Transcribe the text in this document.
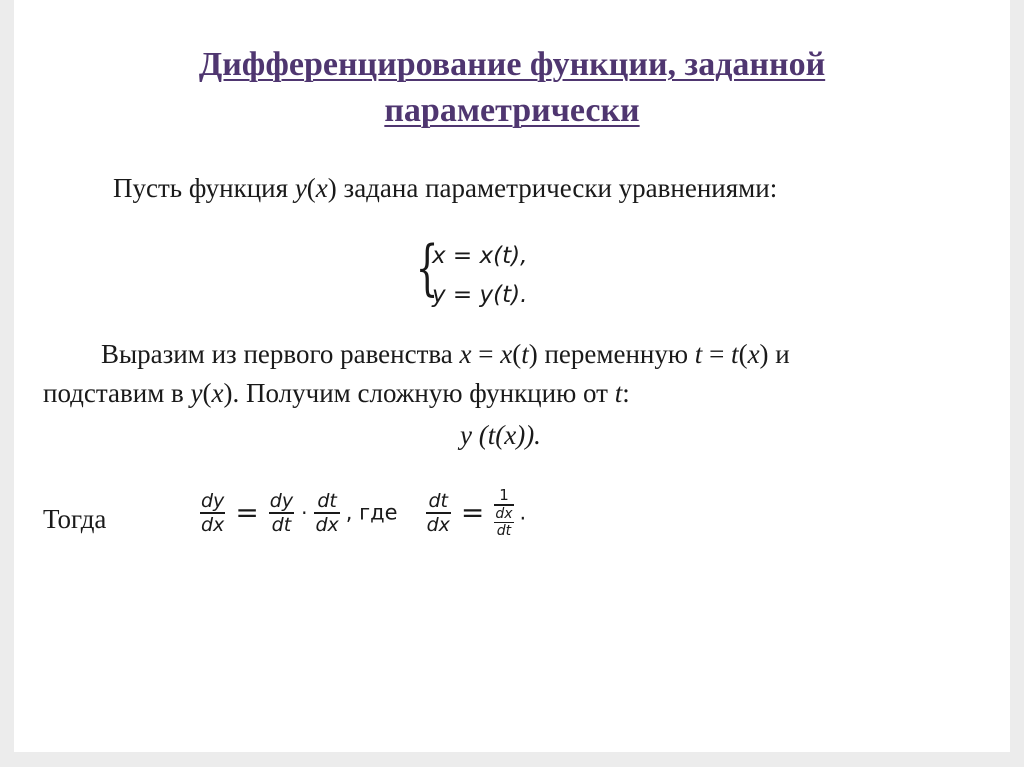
Дифференцирование функции, заданной
параметрически
Пусть функция y(x) задана параметрически уравнениями:
{
x = x(t),
y = y(t).
Выразим из первого равенства x = x(t) переменную t = t(x) и
подставим в y(x). Получим сложную функцию от t:
y (t(x)).
Тогда	$\frac{dy}{dx} = \frac{dy}{dt} \cdot \frac{dt}{dx}$ , где $\frac{dt}{dx} = \frac{1}{\frac{dx}{dt}}$ .
